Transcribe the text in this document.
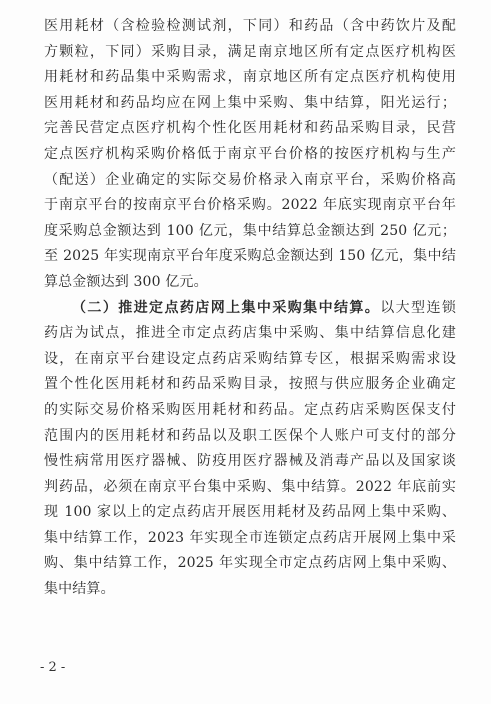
医用耗材（含检验检测试剂，下同）和药品（含中药饮片及配
方颗粒，下同）采购目录，满足南京地区所有定点医疗机构医
用耗材和药品集中采购需求，南京地区所有定点医疗机构使用
医用耗材和药品均应在网上集中采购、集中结算，阳光运行；
完善民营定点医疗机构个性化医用耗材和药品采购目录，民营
定点医疗机构采购价格低于南京平台价格的按医疗机构与生产
（配送）企业确定的实际交易价格录入南京平台，采购价格高
于南京平台的按南京平台价格采购。2022 年底实现南京平台年
度采购总金额达到 100 亿元，集中结算总金额达到 250 亿元；
至 2025 年实现南京平台年度采购总金额达到 150 亿元，集中结
算总金额达到 300 亿元。
（二）推进定点药店网上集中采购集中结算。以大型连锁
药店为试点，推进全市定点药店集中采购、集中结算信息化建
设，在南京平台建设定点药店采购结算专区，根据采购需求设
置个性化医用耗材和药品采购目录，按照与供应服务企业确定
的实际交易价格采购医用耗材和药品。定点药店采购医保支付
范围内的医用耗材和药品以及职工医保个人账户可支付的部分
慢性病常用医疗器械、防疫用医疗器械及消毒产品以及国家谈
判药品，必须在南京平台集中采购、集中结算。2022 年底前实
现 100 家以上的定点药店开展医用耗材及药品网上集中采购、
集中结算工作，2023 年实现全市连锁定点药店开展网上集中采
购、集中结算工作，2025 年实现全市定点药店网上集中采购、
集中结算。
- 2 -
